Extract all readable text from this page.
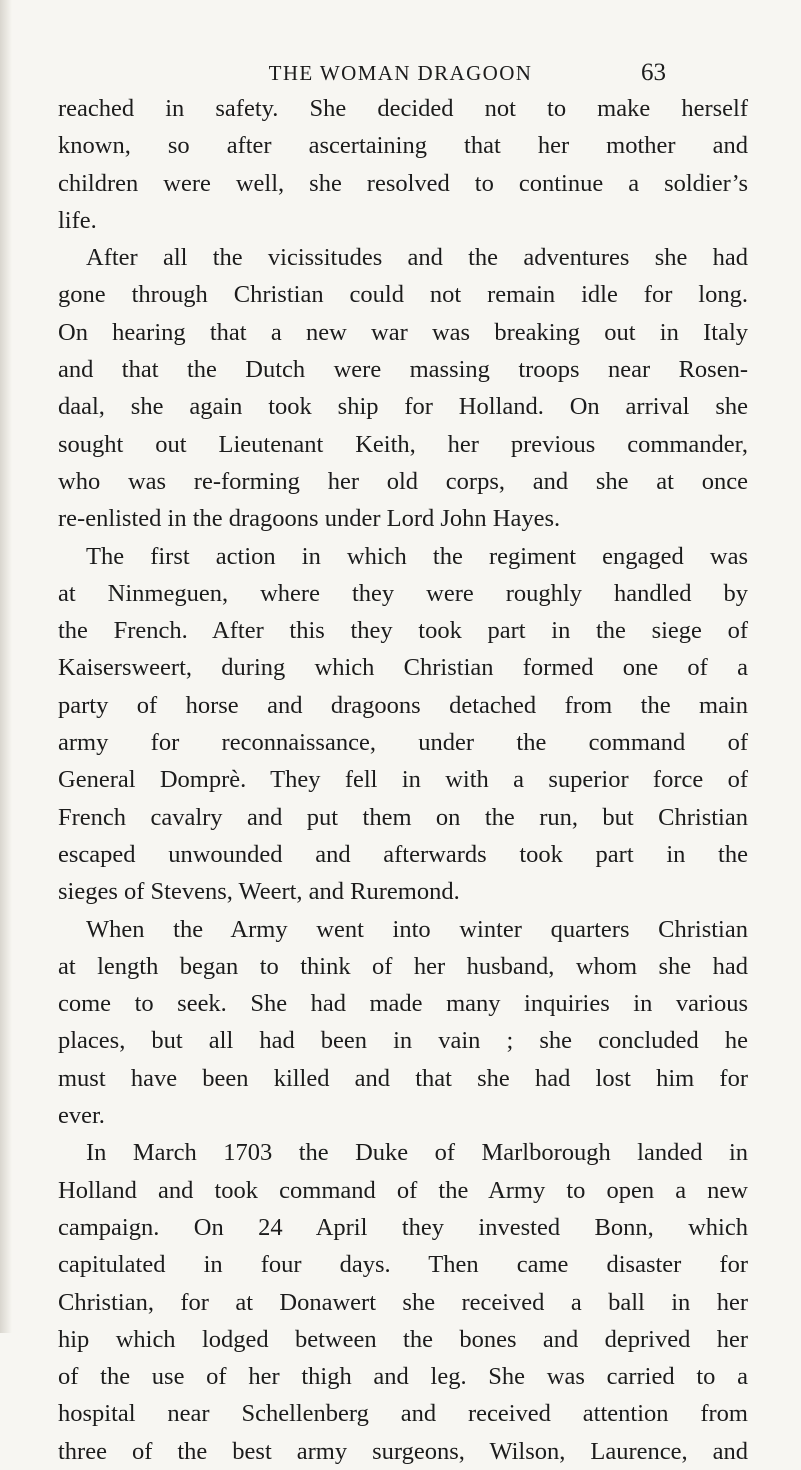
THE WOMAN DRAGOON	63
reached in safety. She decided not to make herself
known, so after ascertaining that her mother and
children were well, she resolved to continue a soldier’s
life.
After all the vicissitudes and the adventures she had
gone through Christian could not remain idle for long.
On hearing that a new war was breaking out in Italy
and that the Dutch were massing troops near Rosen-
daal, she again took ship for Holland. On arrival she
sought out Lieutenant Keith, her previous commander,
who was re-forming her old corps, and she at once
re-enlisted in the dragoons under Lord John Hayes.
The first action in which the regiment engaged was
at Ninmeguen, where they were roughly handled by
the French. After this they took part in the siege of
Kaisersweert, during which Christian formed one of a
party of horse and dragoons detached from the main
army for reconnaissance, under the command of
General Domprè. They fell in with a superior force of
French cavalry and put them on the run, but Christian
escaped unwounded and afterwards took part in the
sieges of Stevens, Weert, and Ruremond.
When the Army went into winter quarters Christian
at length began to think of her husband, whom she had
come to seek. She had made many inquiries in various
places, but all had been in vain ; she concluded he
must have been killed and that she had lost him for
ever.
In March 1703 the Duke of Marlborough landed in
Holland and took command of the Army to open a new
campaign. On 24 April they invested Bonn, which
capitulated in four days. Then came disaster for
Christian, for at Donawert she received a ball in her
hip which lodged between the bones and deprived her
of the use of her thigh and leg. She was carried to a
hospital near Schellenberg and received attention from
three of the best army surgeons, Wilson, Laurence, and
